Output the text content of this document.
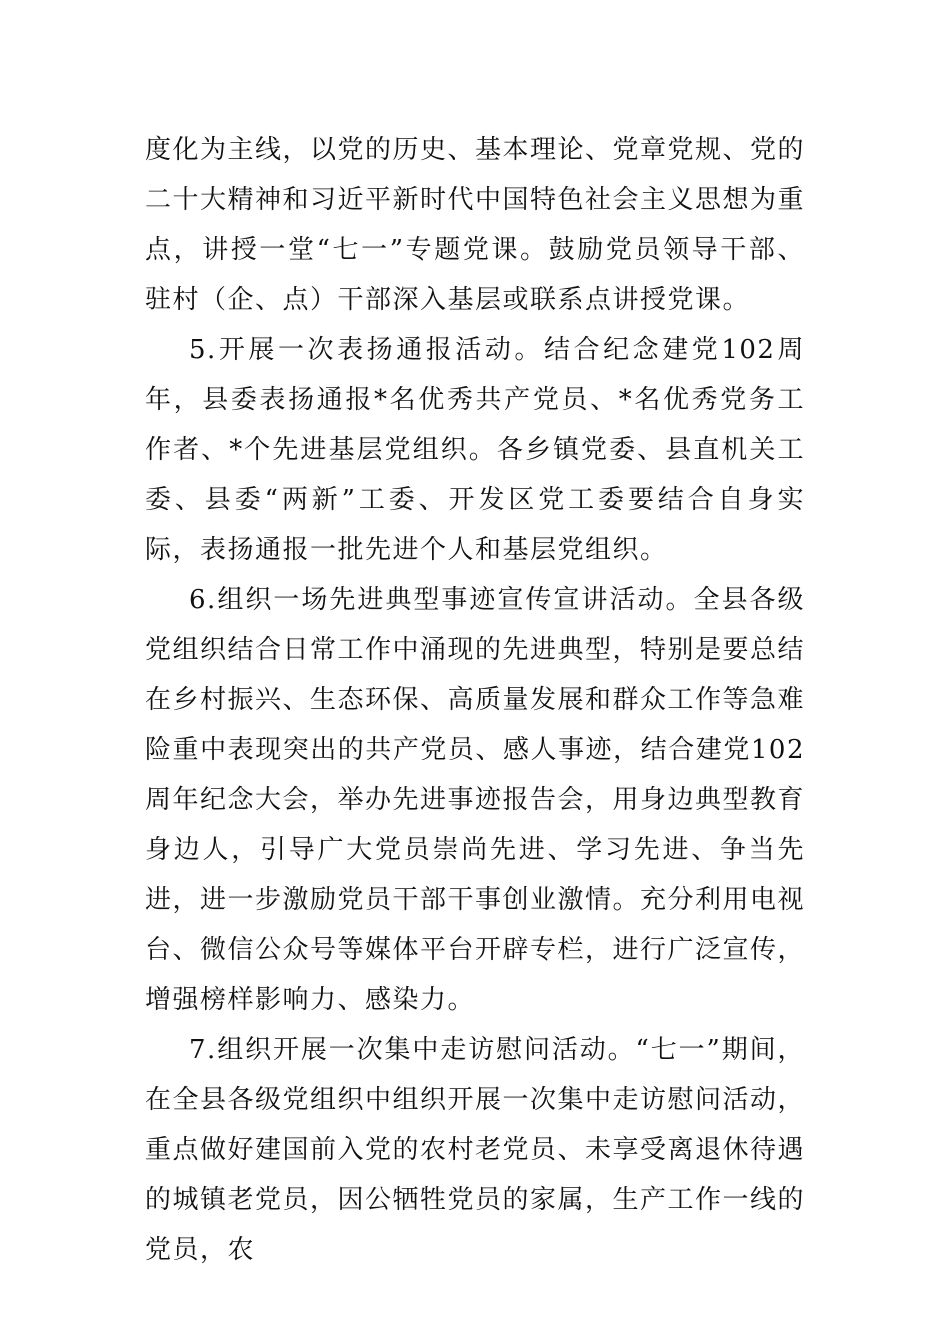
度化为主线，以党的历史、基本理论、党章党规、党的二十大精神和习近平新时代中国特色社会主义思想为重点，讲授一堂“七一”专题党课。鼓励党员领导干部、驻村（企、点）干部深入基层或联系点讲授党课。

5.开展一次表扬通报活动。结合纪念建党102周年，县委表扬通报*名优秀共产党员、*名优秀党务工作者、*个先进基层党组织。各乡镇党委、县直机关工委、县委“两新”工委、开发区党工委要结合自身实际，表扬通报一批先进个人和基层党组织。

6.组织一场先进典型事迹宣传宣讲活动。全县各级党组织结合日常工作中涌现的先进典型，特别是要总结在乡村振兴、生态环保、高质量发展和群众工作等急难险重中表现突出的共产党员、感人事迹，结合建党102周年纪念大会，举办先进事迹报告会，用身边典型教育身边人，引导广大党员崇尚先进、学习先进、争当先进，进一步激励党员干部干事创业激情。充分利用电视台、微信公众号等媒体平台开辟专栏，进行广泛宣传，增强榜样影响力、感染力。

7.组织开展一次集中走访慰问活动。“七一”期间，在全县各级党组织中组织开展一次集中走访慰问活动，重点做好建国前入党的农村老党员、未享受离退休待遇的城镇老党员，因公牺牲党员的家属，生产工作一线的党员，农
